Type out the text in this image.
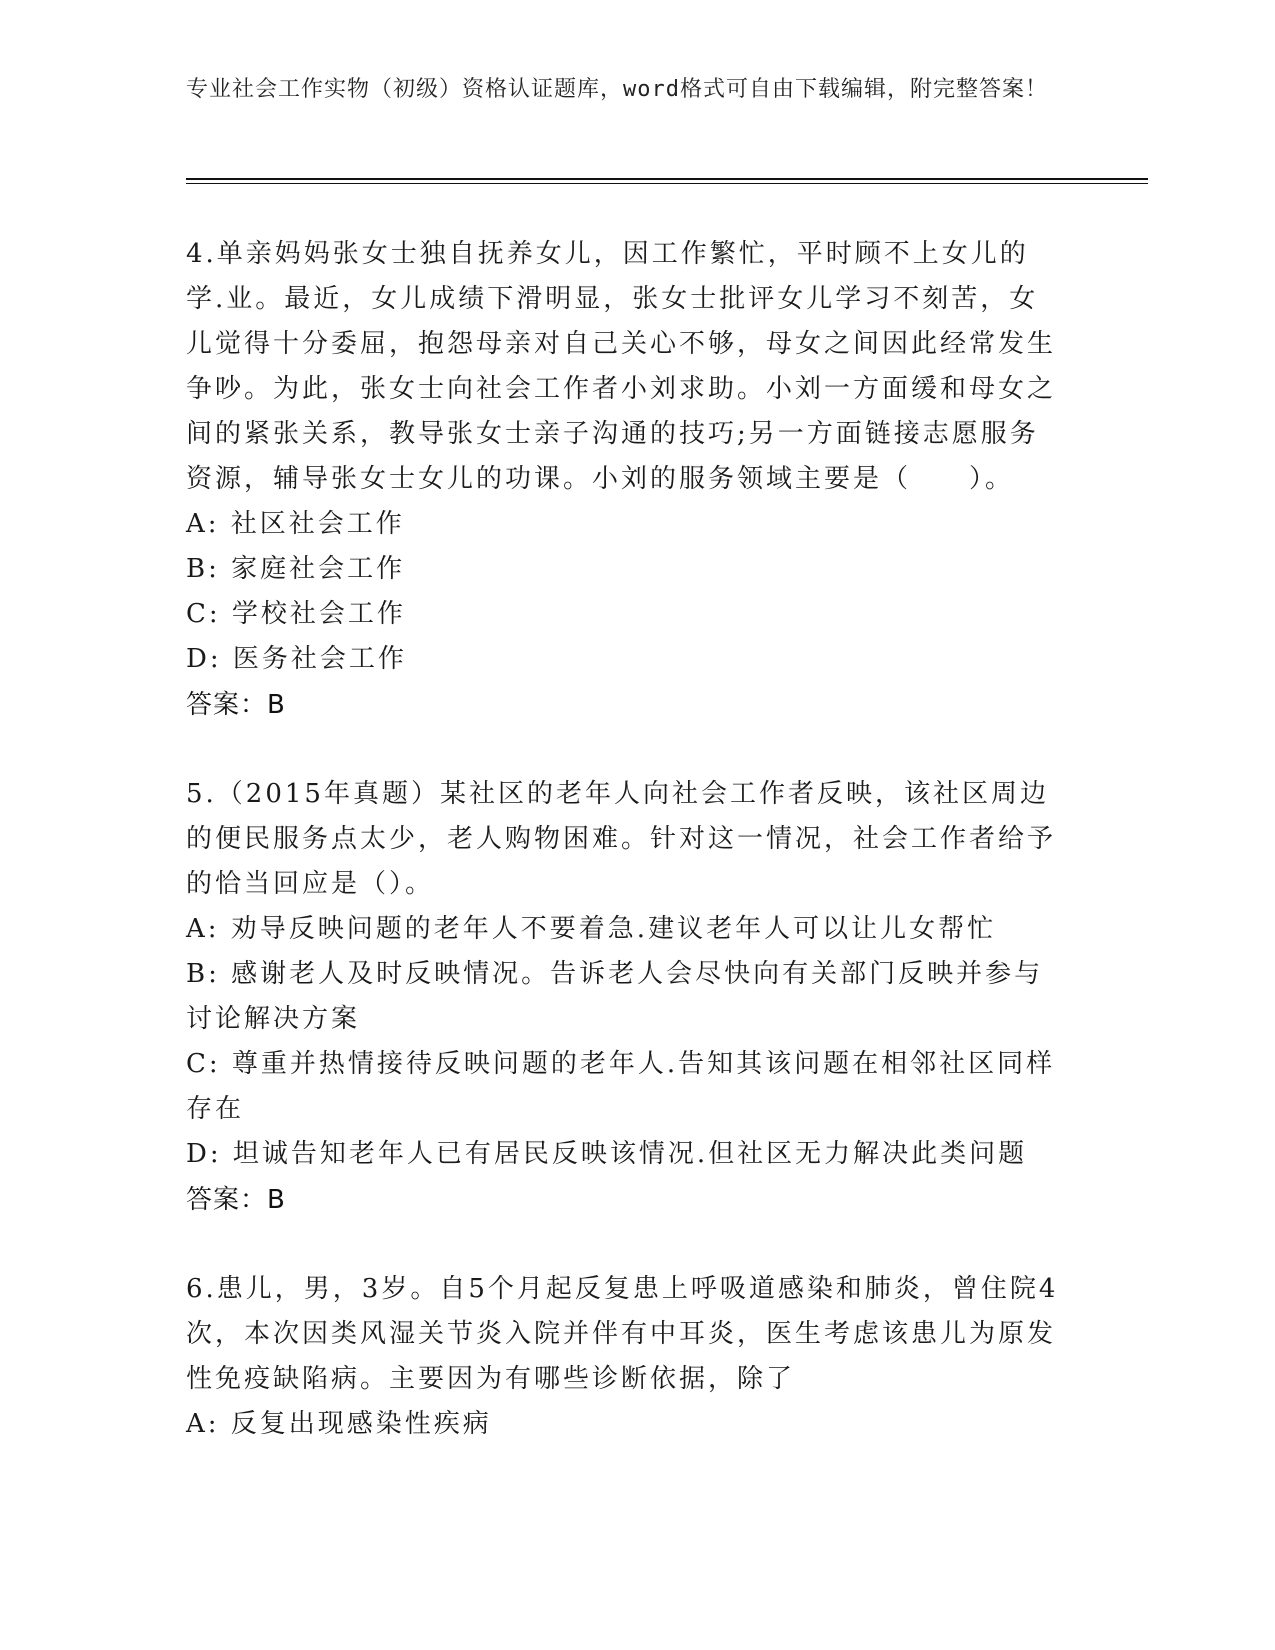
专业社会工作实物（初级）资格认证题库，word格式可自由下载编辑，附完整答案！

4.单亲妈妈张女士独自抚养女儿，因工作繁忙，平时顾不上女儿的学.业。最近，女儿成绩下滑明显，张女士批评女儿学习不刻苦，女儿觉得十分委屈，抱怨母亲对自己关心不够，母女之间因此经常发生争吵。为此，张女士向社会工作者小刘求助。小刘一方面缓和母女之间的紧张关系，教导张女士亲子沟通的技巧;另一方面链接志愿服务资源，辅导张女士女儿的功课。小刘的服务领域主要是（　　）。

A: 社区社会工作

B: 家庭社会工作

C: 学校社会工作

D: 医务社会工作

答案：B

5.（2015年真题）某社区的老年人向社会工作者反映，该社区周边的便民服务点太少，老人购物困难。针对这一情况，社会工作者给予的恰当回应是（）。

A: 劝导反映问题的老年人不要着急.建议老年人可以让儿女帮忙

B: 感谢老人及时反映情况。告诉老人会尽快向有关部门反映并参与讨论解决方案

C: 尊重并热情接待反映问题的老年人.告知其该问题在相邻社区同样存在

D: 坦诚告知老年人已有居民反映该情况.但社区无力解决此类问题

答案：B

6.患儿，男，3岁。自5个月起反复患上呼吸道感染和肺炎，曾住院4次，本次因类风湿关节炎入院并伴有中耳炎，医生考虑该患儿为原发性免疫缺陷病。主要因为有哪些诊断依据，除了

A: 反复出现感染性疾病
